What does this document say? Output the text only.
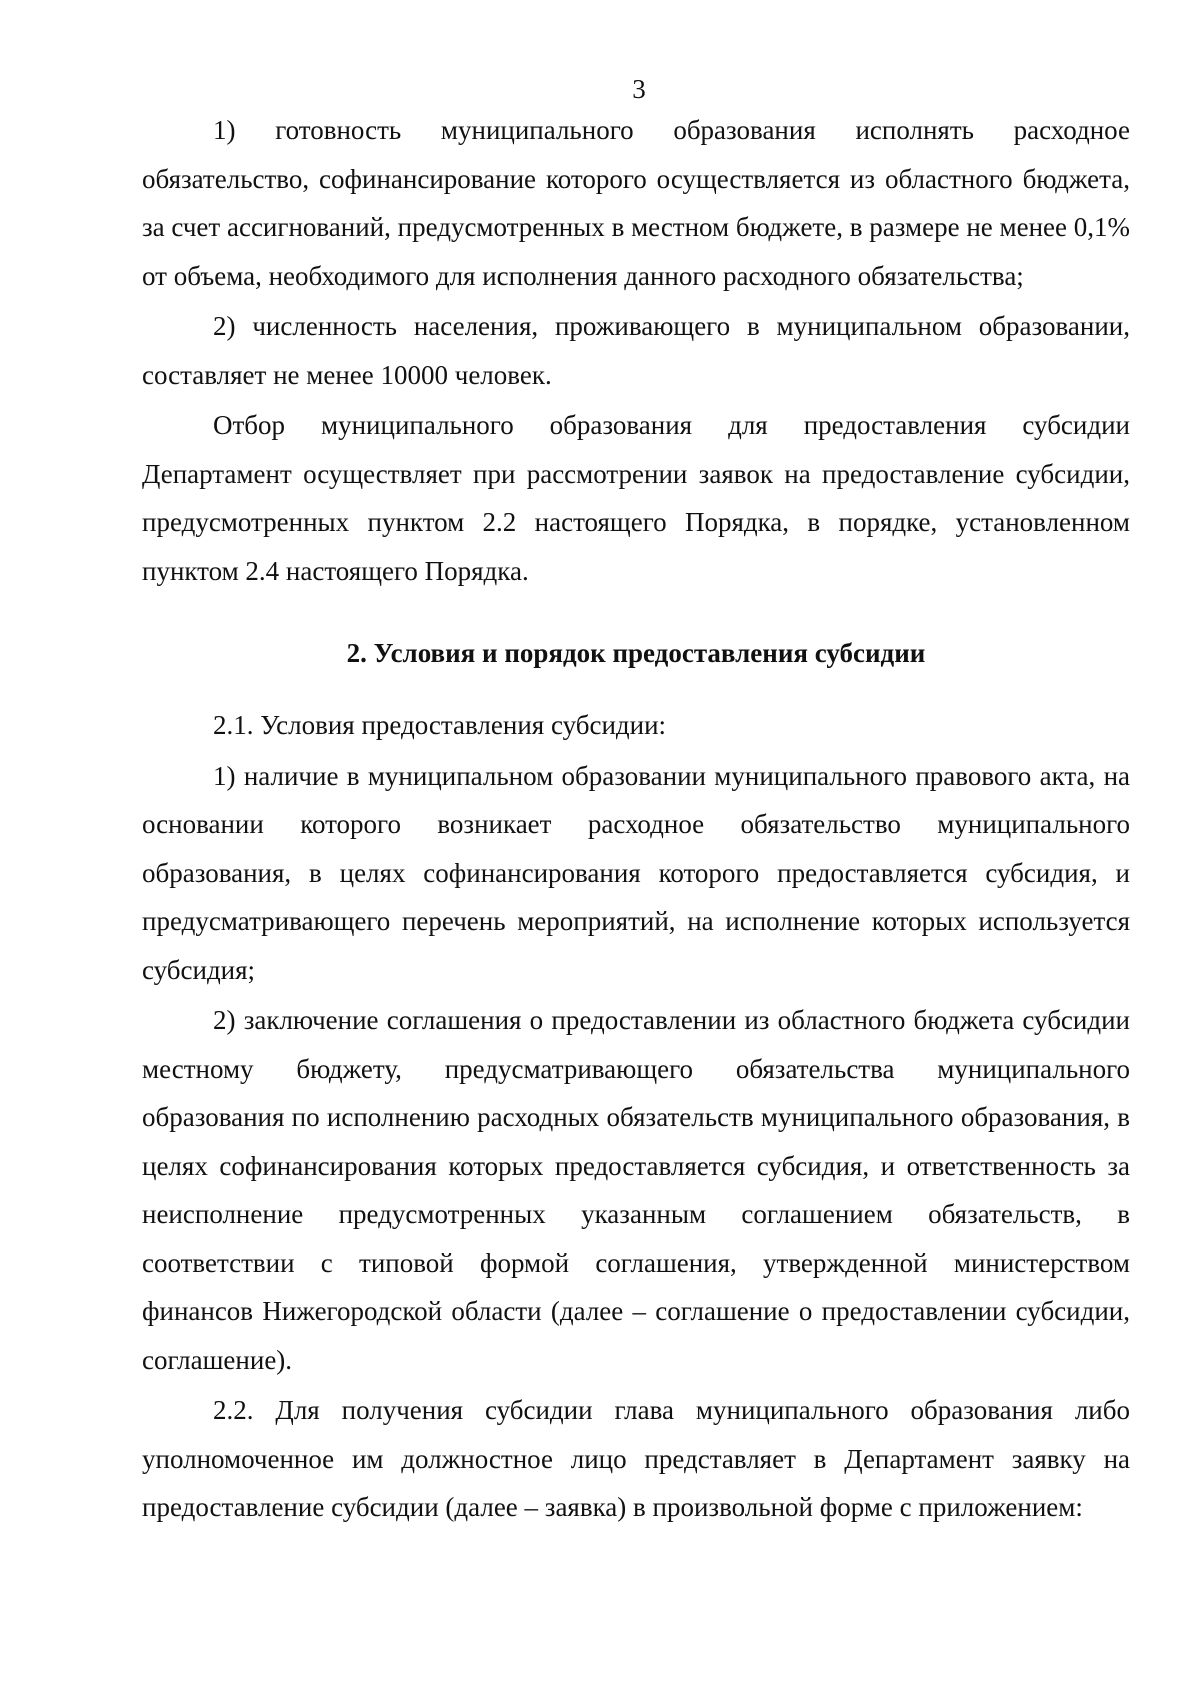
3

1) готовность муниципального образования исполнять расходное обязательство, софинансирование которого осуществляется из областного бюджета, за счет ассигнований, предусмотренных в местном бюджете, в размере не менее 0,1% от объема, необходимого для исполнения данного расходного обязательства;

2) численность населения, проживающего в муниципальном образовании, составляет не менее 10000 человек.

Отбор муниципального образования для предоставления субсидии Департамент осуществляет при рассмотрении заявок на предоставление субсидии, предусмотренных пунктом 2.2 настоящего Порядка, в порядке, установленном пунктом 2.4 настоящего Порядка.

2. Условия и порядок предоставления субсидии

2.1. Условия предоставления субсидии:

1) наличие в муниципальном образовании муниципального правового акта, на основании которого возникает расходное обязательство муниципального образования, в целях софинансирования которого предоставляется субсидия, и предусматривающего перечень мероприятий, на исполнение которых используется субсидия;

2) заключение соглашения о предоставлении из областного бюджета субсидии местному бюджету, предусматривающего обязательства муниципального образования по исполнению расходных обязательств муниципального образования, в целях софинансирования которых предоставляется субсидия, и ответственность за неисполнение предусмотренных указанным соглашением обязательств, в соответствии с типовой формой соглашения, утвержденной министерством финансов Нижегородской области (далее – соглашение о предоставлении субсидии, соглашение).

2.2. Для получения субсидии глава муниципального образования либо уполномоченное им должностное лицо представляет в Департамент заявку на предоставление субсидии (далее – заявка) в произвольной форме с приложением:
